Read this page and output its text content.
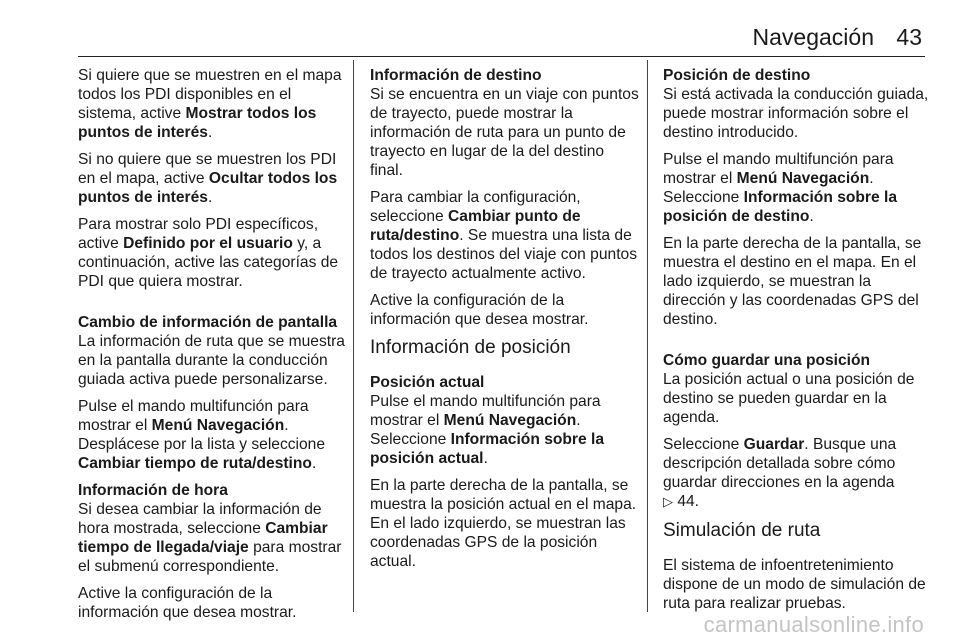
Navegación 43

Si quiere que se muestren en el mapa todos los PDI disponibles en el sistema, active Mostrar todos los puntos de interés.

Si no quiere que se muestren los PDI en el mapa, active Ocultar todos los puntos de interés.

Para mostrar solo PDI específicos, active Definido por el usuario y, a continuación, active las categorías de PDI que quiera mostrar.

Cambio de información de pantalla

La información de ruta que se muestra en la pantalla durante la conducción guiada activa puede personalizarse.

Pulse el mando multifunción para mostrar el Menú Navegación. Desplácese por la lista y seleccione Cambiar tiempo de ruta/destino.

Información de hora

Si desea cambiar la información de hora mostrada, seleccione Cambiar tiempo de llegada/viaje para mostrar el submenú correspondiente.

Active la configuración de la información que desea mostrar.

Información de destino

Si se encuentra en un viaje con puntos de trayecto, puede mostrar la información de ruta para un punto de trayecto en lugar de la del destino final.

Para cambiar la configuración, seleccione Cambiar punto de ruta/destino. Se muestra una lista de todos los destinos del viaje con puntos de trayecto actualmente activo.

Active la configuración de la información que desea mostrar.

Información de posición

Posición actual

Pulse el mando multifunción para mostrar el Menú Navegación. Seleccione Información sobre la posición actual.

En la parte derecha de la pantalla, se muestra la posición actual en el mapa. En el lado izquierdo, se muestran las coordenadas GPS de la posición actual.

Posición de destino

Si está activada la conducción guiada, puede mostrar información sobre el destino introducido.

Pulse el mando multifunción para mostrar el Menú Navegación. Seleccione Información sobre la posición de destino.

En la parte derecha de la pantalla, se muestra el destino en el mapa. En el lado izquierdo, se muestran la dirección y las coordenadas GPS del destino.

Cómo guardar una posición

La posición actual o una posición de destino se pueden guardar en la agenda.

Seleccione Guardar. Busque una descripción detallada sobre cómo guardar direcciones en la agenda
▷ 44.

Simulación de ruta

El sistema de infoentretenimiento dispone de un modo de simulación de ruta para realizar pruebas.

carmanualsonline.info
